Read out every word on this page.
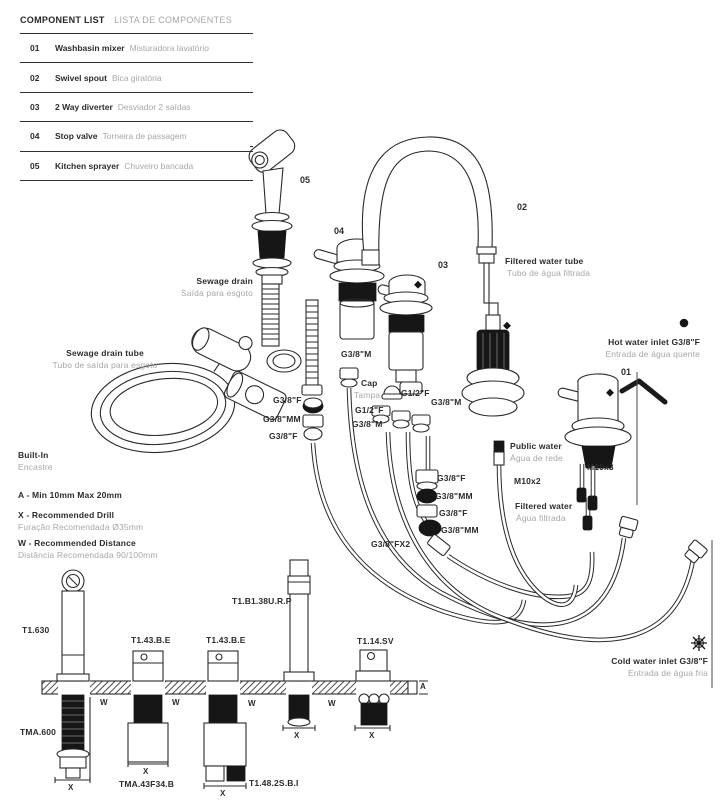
COMPONENT LIST LISTA DE COMPONENTES
01	Washbasin mixer Misturadora lavatório
02	Swivel spout Bica giratória
03	2 Way diverter Desviador 2 saídas
04	Stop valve Torneira de passagem
05	Kitchen sprayer Chuveiro bancada
05
04
03
02
01
Sewage drain
Saída para esgoto
Sewage drain tube
Tubo de saída para esgoto
Filtered water tube
Tubo de água filtrada
Hot water inlet G3/8"F
Entrada de água quente
Cold water inlet G3/8"F
Entrada de água fria
Public water
Água de rede
Filtered water
Água filtrada
Built-In
Encastre
A - Min 10mm Max 20mm
X - Recommended Drill
Furação Recomendada Ø35mm
W - Recommended Distance
Distância Recomendada 90/100mm
G3/8"M
Cap
Tampa G1/2"F
G3/8"M
G1/2"F
G3/8"M
G3/8"F
G3/8"MM
G3/8"F
G3/8"F
G3/8"MM
G3/8"F
G3/8"MM
G3/8"FX2
M10x2
M10x3
T1.630
T1.43.B.E	T1.43.B.E
T1.B1.38U.R.P
T1.14.SV
TMA.600
TMA.43F34.B	T1.48.2S.B.I
W	W	W	W
X
X
X
X	X
A
